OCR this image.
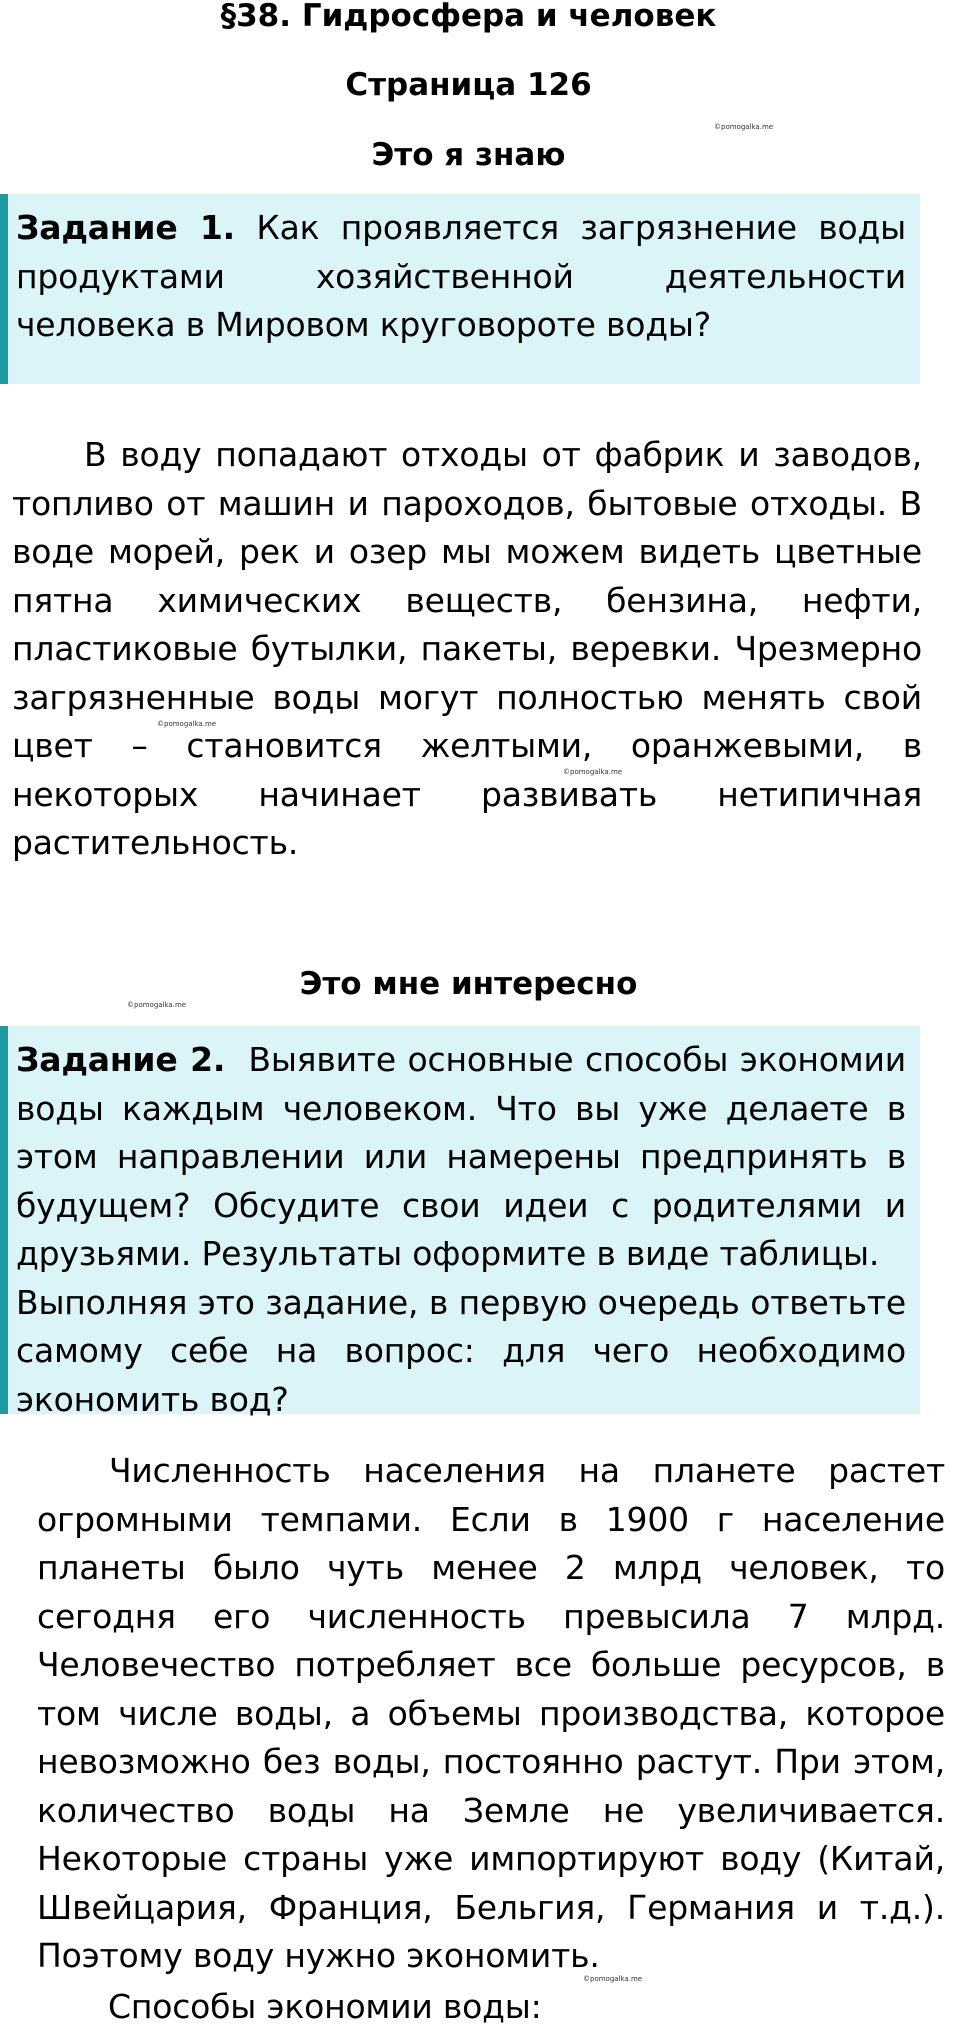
§38. Гидросфера и человек
Страница 126
Это я знаю
Задание 1. Как проявляется загрязнение воды продуктами хозяйственной деятельности человека в Мировом круговороте воды?
В воду попадают отходы от фабрик и заводов, топливо от машин и пароходов, бытовые отходы. В воде морей, рек и озер мы можем видеть цветные пятна химических веществ, бензина, нефти, пластиковые бутылки, пакеты, веревки. Чрезмерно загрязненные воды могут полностью менять свой цвет – становится желтыми, оранжевыми, в некоторых начинает развивать нетипичная растительность.
Это мне интересно
Задание 2. Выявите основные способы экономии воды каждым человеком. Что вы уже делаете в этом направлении или намерены предпринять в будущем? Обсудите свои идеи с родителями и друзьями. Результаты оформите в виде таблицы.
Выполняя это задание, в первую очередь ответьте самому себе на вопрос: для чего необходимо экономить вод?
Численность населения на планете растет огромными темпами. Если в 1900 г население планеты было чуть менее 2 млрд человек, то сегодня его численность превысила 7 млрд. Человечество потребляет все больше ресурсов, в том числе воды, а объемы производства, которое невозможно без воды, постоянно растут. При этом, количество воды на Земле не увеличивается. Некоторые страны уже импортируют воду (Китай, Швейцария, Франция, Бельгия, Германия и т.д.). Поэтому воду нужно экономить.
Способы экономии воды:
©pomogalka.me
©pomogalka.me
©pomogalka.me
©pomogalka.me
©pomogalka.me
